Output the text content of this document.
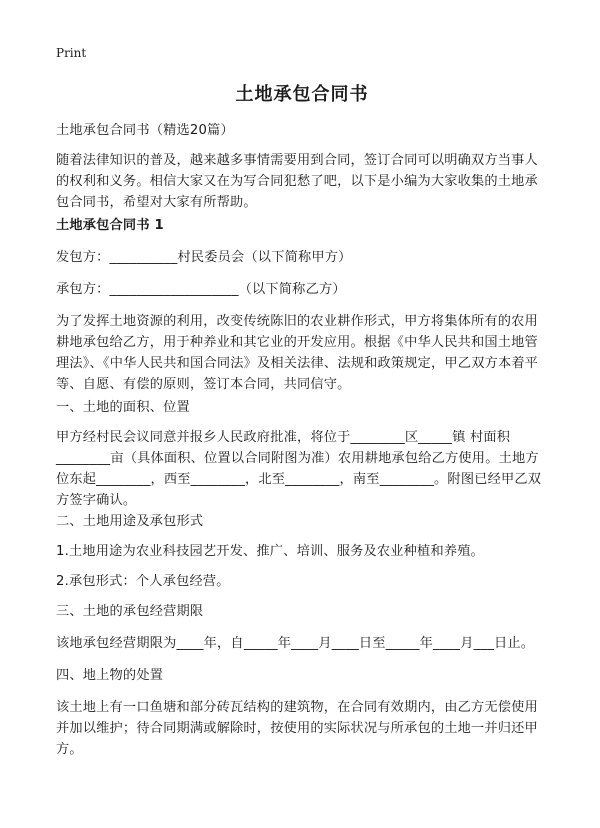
Print
土地承包合同书

土地承包合同书（精选20篇）

随着法律知识的普及，越来越多事情需要用到合同，签订合同可以明确双方当事人的权利和义务。相信大家又在为写合同犯愁了吧，以下是小编为大家收集的土地承包合同书，希望对大家有所帮助。

土地承包合同书 1

发包方：__________村民委员会（以下简称甲方）

承包方：___________________（以下简称乙方）

为了发挥土地资源的利用，改变传统陈旧的农业耕作形式，甲方将集体所有的农用耕地承包给乙方，用于种养业和其它业的开发应用。根据《中华人民共和国土地管理法》、《中华人民共和国合同法》及相关法律、法规和政策规定，甲乙双方本着平等、自愿、有偿的原则，签订本合同，共同信守。

一、土地的面积、位置

甲方经村民会议同意并报乡人民政府批准，将位于________区_____镇 村面积________亩（具体面积、位置以合同附图为准）农用耕地承包给乙方使用。土地方位东起________，西至________，北至________，南至________。附图已经甲乙双方签字确认。

二、土地用途及承包形式

1.土地用途为农业科技园艺开发、推广、培训、服务及农业种植和养殖。

2.承包形式：个人承包经营。

三、土地的承包经营期限

该地承包经营期限为____年，自_____年____月____日至_____年____月___日止。

四、地上物的处置

该土地上有一口鱼塘和部分砖瓦结构的建筑物，在合同有效期内，由乙方无偿使用并加以维护；待合同期满或解除时，按使用的实际状况与所承包的土地一并归还甲方。
